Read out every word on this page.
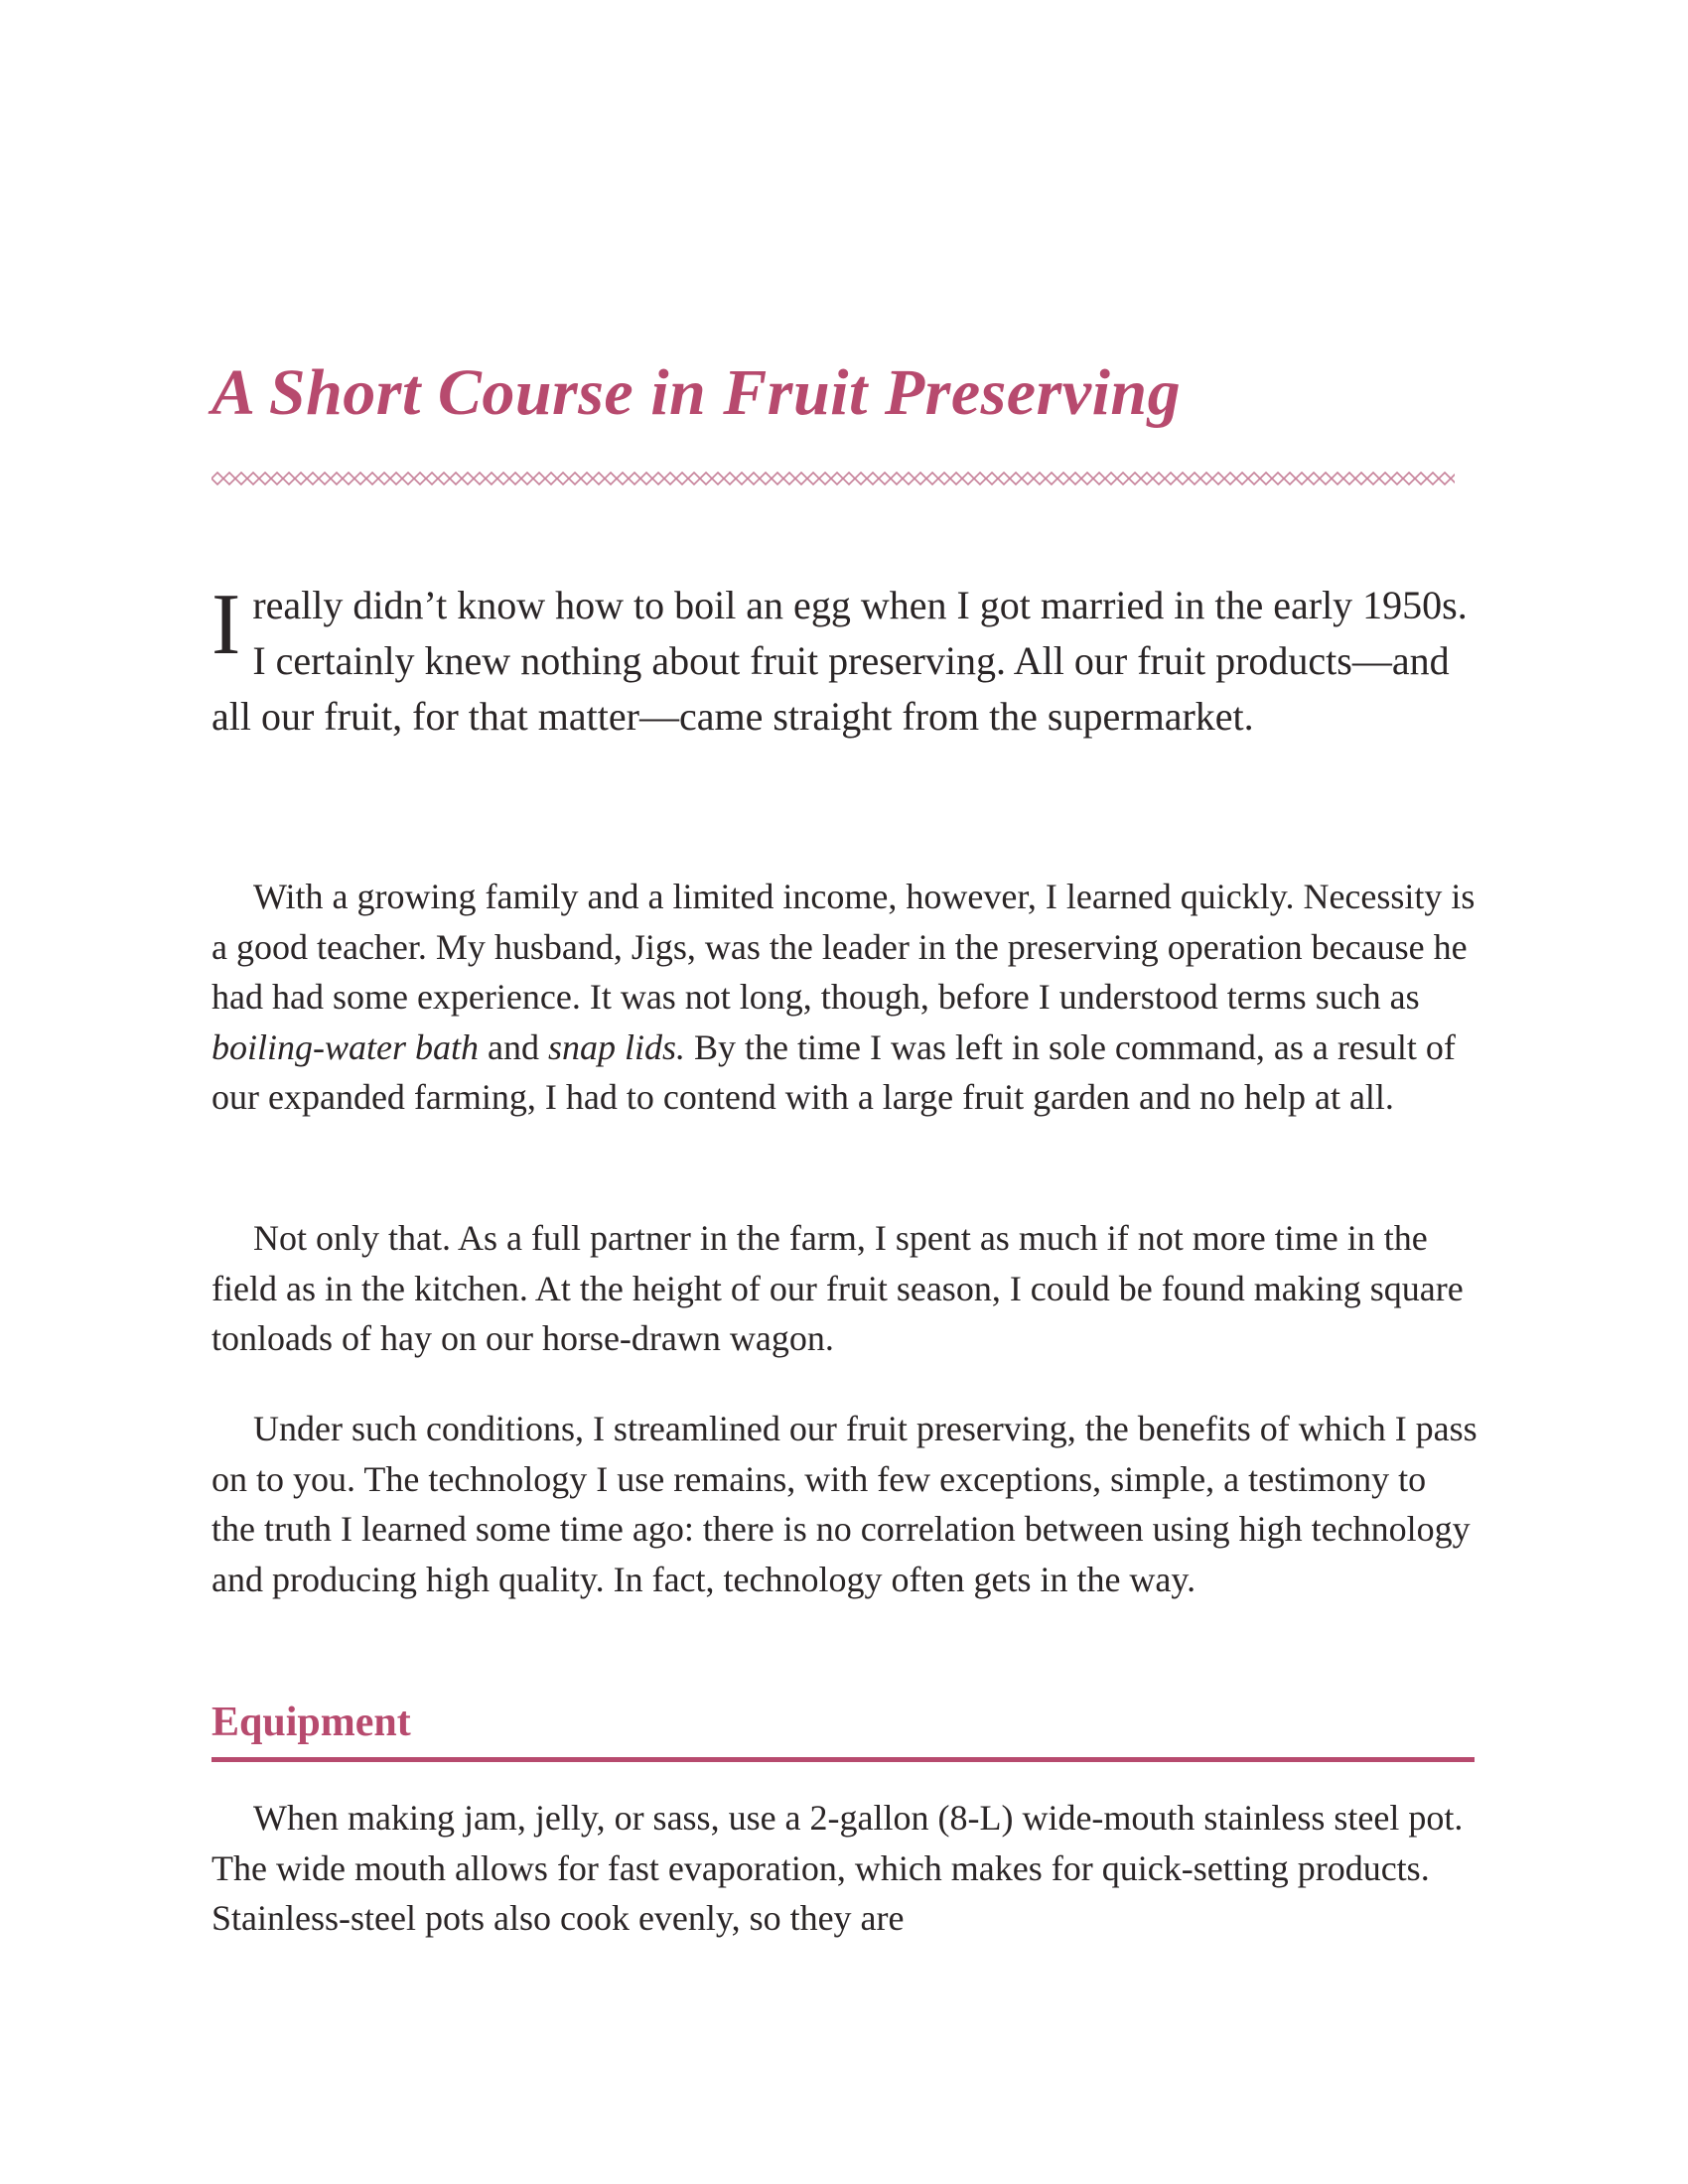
A Short Course in Fruit Preserving

Ireally didn’t know how to boil an egg when I got married in the early 1950s. I certainly knew nothing about fruit preserving. All our fruit products—and all our fruit, for that matter—came straight from the supermarket.

With a growing family and a limited income, however, I learned quickly. Necessity is a good teacher. My husband, Jigs, was the leader in the preserving operation because he had had some experience. It was not long, though, before I understood terms such as boiling-water bath and snap lids. By the time I was left in sole command, as a result of our expanded farming, I had to contend with a large fruit garden and no help at all.

Not only that. As a full partner in the farm, I spent as much if not more time in the field as in the kitchen. At the height of our fruit season, I could be found making square tonloads of hay on our horse-drawn wagon.

Under such conditions, I streamlined our fruit preserving, the benefits of which I pass on to you. The technology I use remains, with few exceptions, simple, a testimony to the truth I learned some time ago: there is no correlation between using high technology and producing high quality. In fact, technology often gets in the way.

Equipment

When making jam, jelly, or sass, use a 2-gallon (8-L) wide-mouth stainless steel pot. The wide mouth allows for fast evaporation, which makes for quick-setting products. Stainless-steel pots also cook evenly, so they are
